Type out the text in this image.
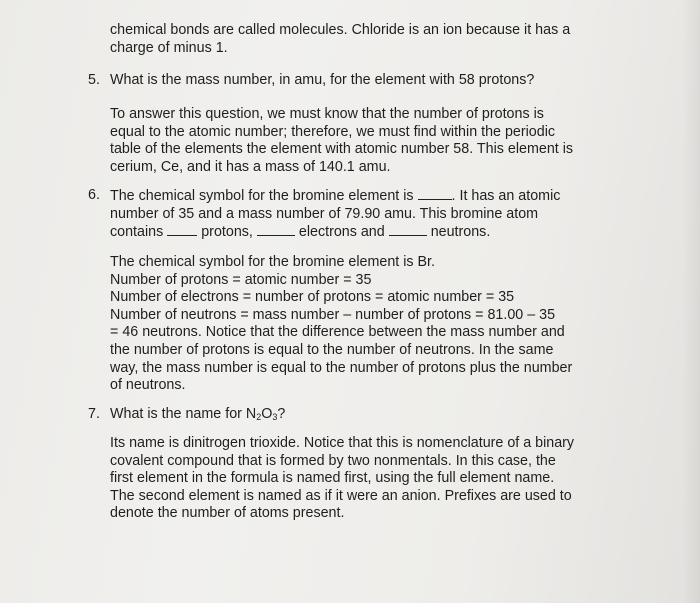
chemical bonds are called molecules. Chloride is an ion because it has a
charge of minus 1.

5. What is the mass number, in amu, for the element with 58 protons?

To answer this question, we must know that the number of protons is
equal to the atomic number; therefore, we must find within the periodic
table of the elements the element with atomic number 58. This element is
cerium, Ce, and it has a mass of 140.1 amu.

6. The chemical symbol for the bromine element is	. It has an atomic
number of 35 and a mass number of 79.90 amu. This bromine atom
contains	protons,	electrons and	neutrons.

The chemical symbol for the bromine element is Br.
Number of protons = atomic number = 35
Number of electrons = number of protons = atomic number = 35
Number of neutrons = mass number – number of protons = 81.00 – 35
= 46 neutrons. Notice that the difference between the mass number and
the number of protons is equal to the number of neutrons. In the same
way, the mass number is equal to the number of protons plus the number
of neutrons.

7. What is the name for $N_2O_3$?

Its name is dinitrogen trioxide. Notice that this is nomenclature of a binary
covalent compound that is formed by two nonmentals. In this case, the
first element in the formula is named first, using the full element name.
The second element is named as if it were an anion. Prefixes are used to
denote the number of atoms present.
